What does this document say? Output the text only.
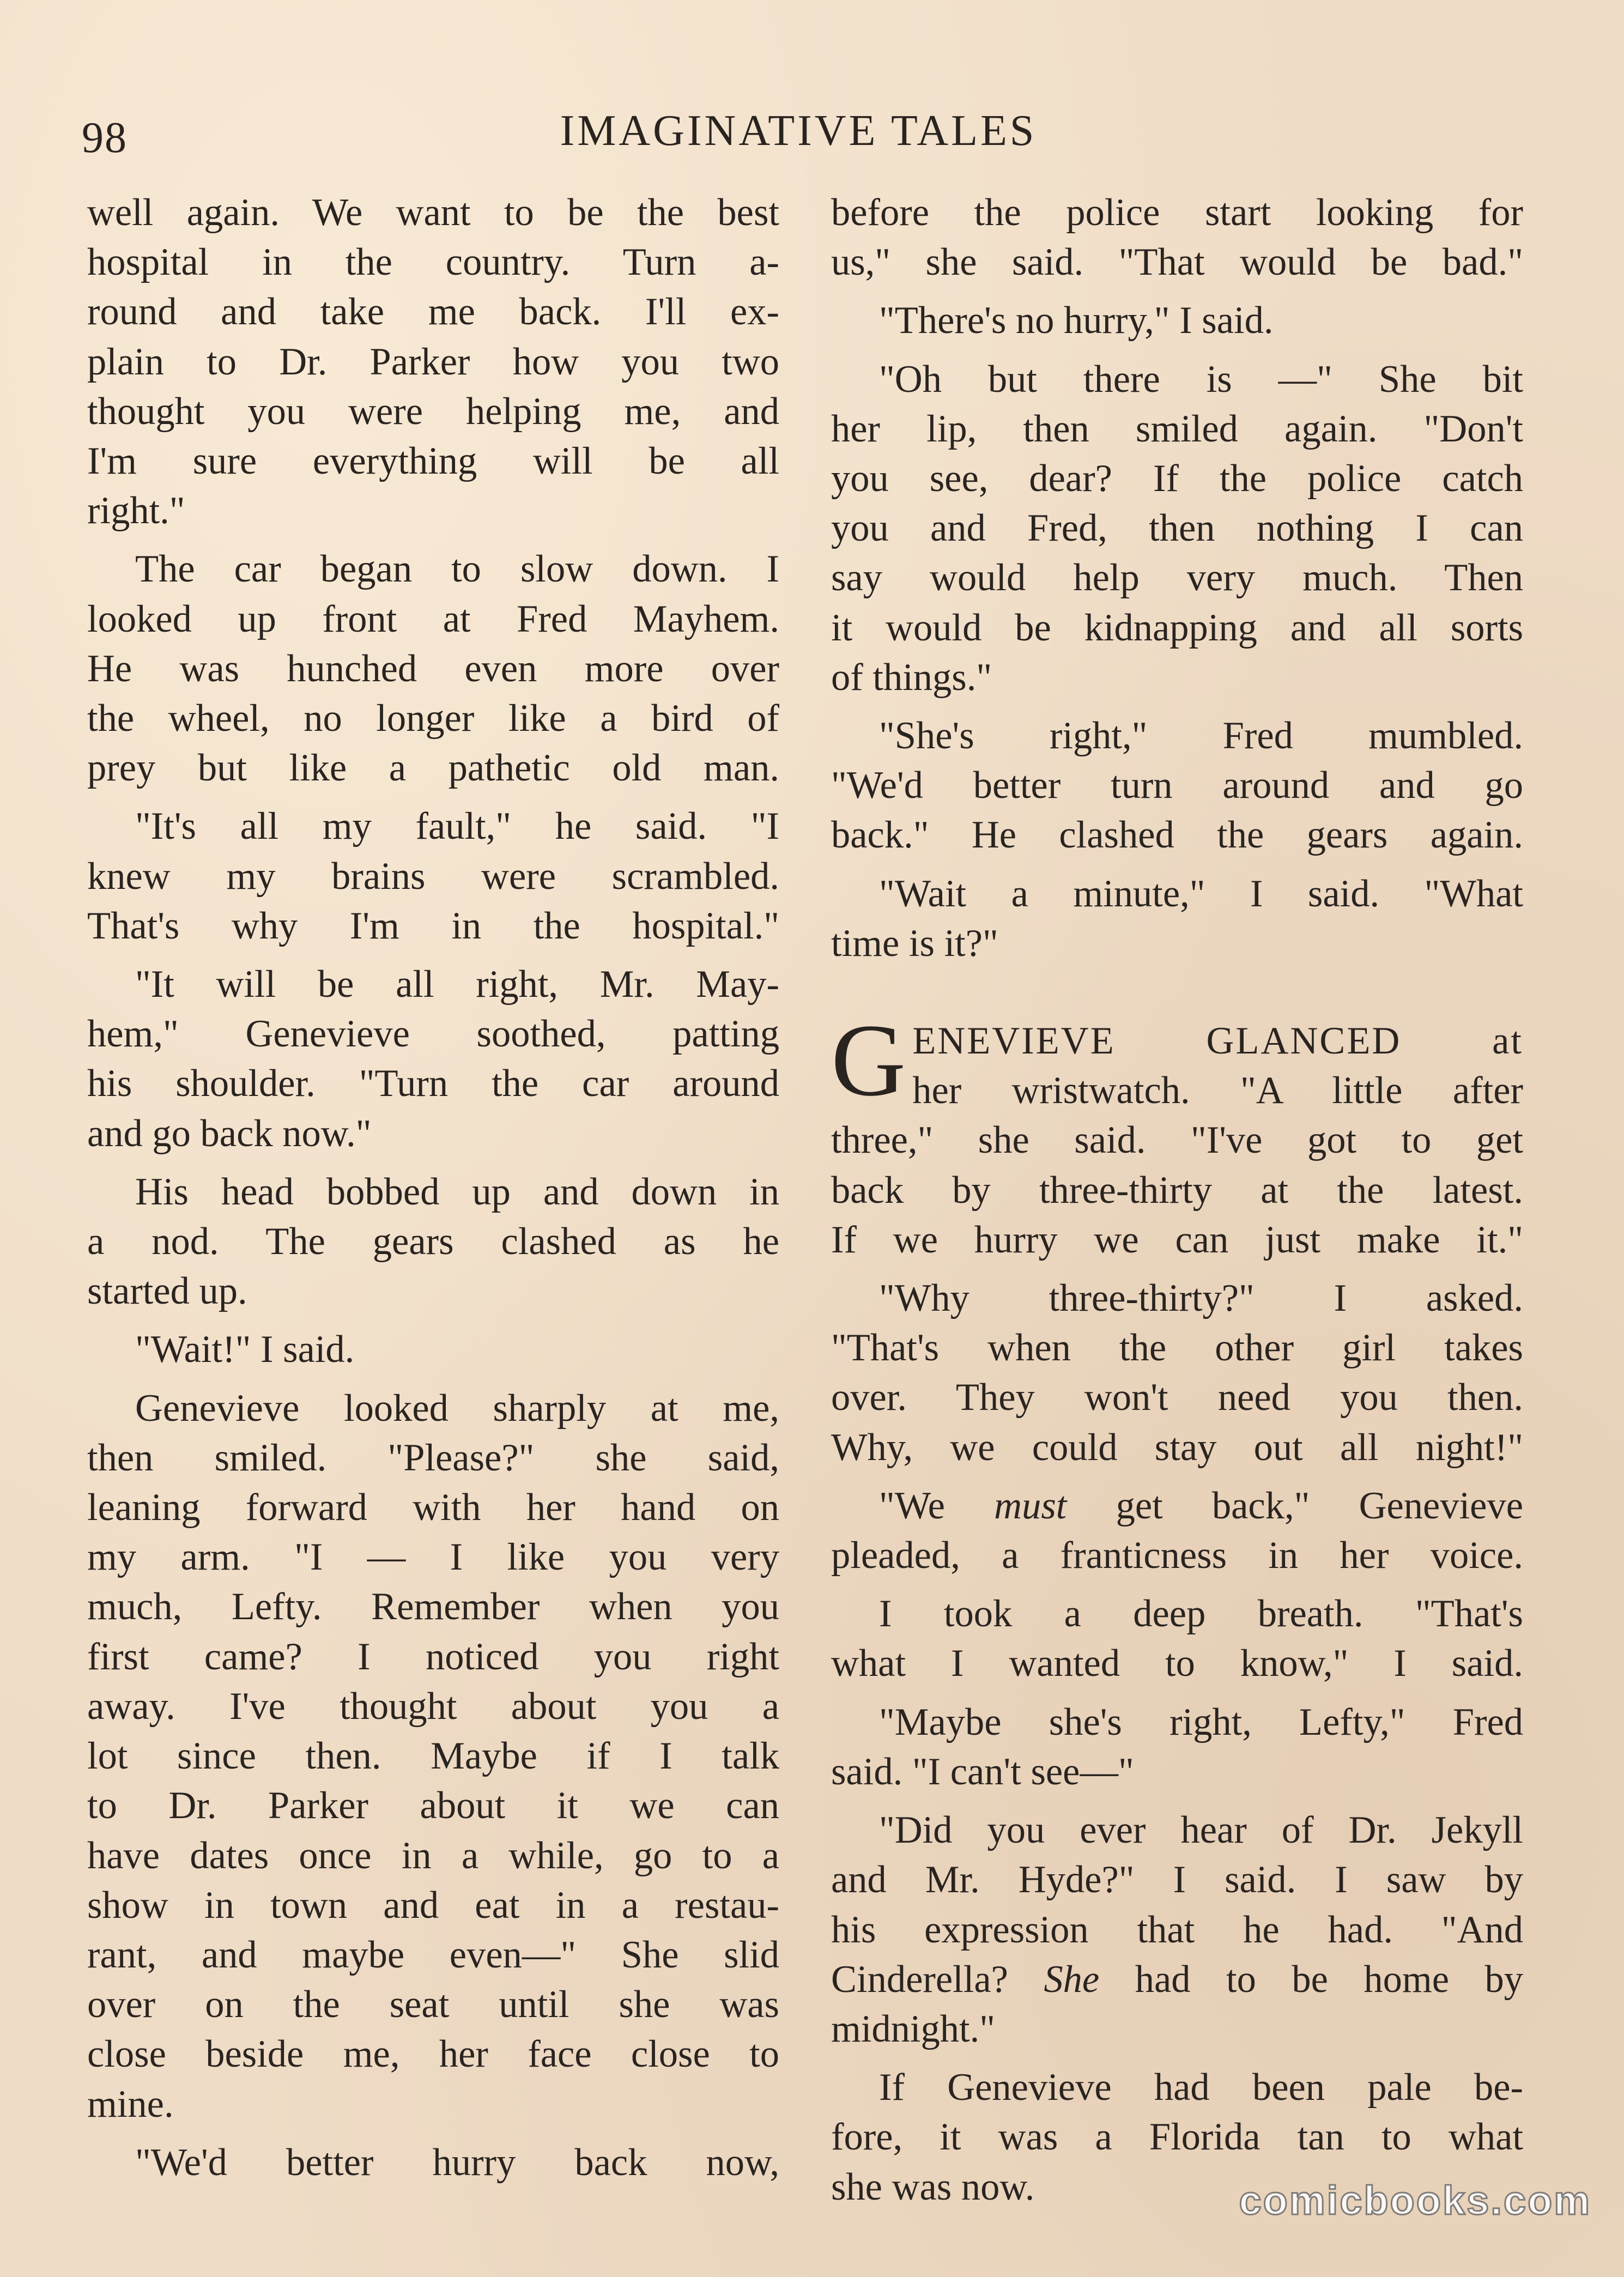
98	IMAGINATIVE TALES

well again. We want to be the best
hospital in the country. Turn a-
round and take me back. I'll ex-
plain to Dr. Parker how you two
thought you were helping me, and
I'm sure everything will be all
right."

The car began to slow down. I
looked up front at Fred Mayhem.
He was hunched even more over
the wheel, no longer like a bird of
prey but like a pathetic old man.

"It's all my fault," he said. "I
knew my brains were scrambled.
That's why I'm in the hospital."

"It will be all right, Mr. May-
hem," Genevieve soothed, patting
his shoulder. "Turn the car around
and go back now."

His head bobbed up and down in
a nod. The gears clashed as he
started up.

"Wait!" I said.

Genevieve looked sharply at me,
then smiled. "Please?" she said,
leaning forward with her hand on
my arm. "I — I like you very
much, Lefty. Remember when you
first came? I noticed you right
away. I've thought about you a
lot since then. Maybe if I talk
to Dr. Parker about it we can
have dates once in a while, go to a
show in town and eat in a restau-
rant, and maybe even—" She slid
over on the seat until she was
close beside me, her face close to
mine.

"We'd better hurry back now,

before the police start looking for
us," she said. "That would be bad."

"There's no hurry," I said.

"Oh but there is —" She bit
her lip, then smiled again. "Don't
you see, dear? If the police catch
you and Fred, then nothing I can
say would help very much. Then
it would be kidnapping and all sorts
of things."

"She's right," Fred mumbled.
"We'd better turn around and go
back." He clashed the gears again.

"Wait a minute," I said. "What
time is it?"

G ENEVIEVE GLANCED at
her wristwatch. "A little after
three," she said. "I've got to get
back by three-thirty at the latest.
If we hurry we can just make it."

"Why three-thirty?" I asked.
"That's when the other girl takes
over. They won't need you then.
Why, we could stay out all night!"

"We must get back," Genevieve
pleaded, a franticness in her voice.

I took a deep breath. "That's
what I wanted to know," I said.

"Maybe she's right, Lefty," Fred
said. "I can't see—"

"Did you ever hear of Dr. Jekyll
and Mr. Hyde?" I said. I saw by
his expression that he had. "And
Cinderella? She had to be home by
midnight."

If Genevieve had been pale be-
fore, it was a Florida tan to what
she was now.	comicbooks.com
